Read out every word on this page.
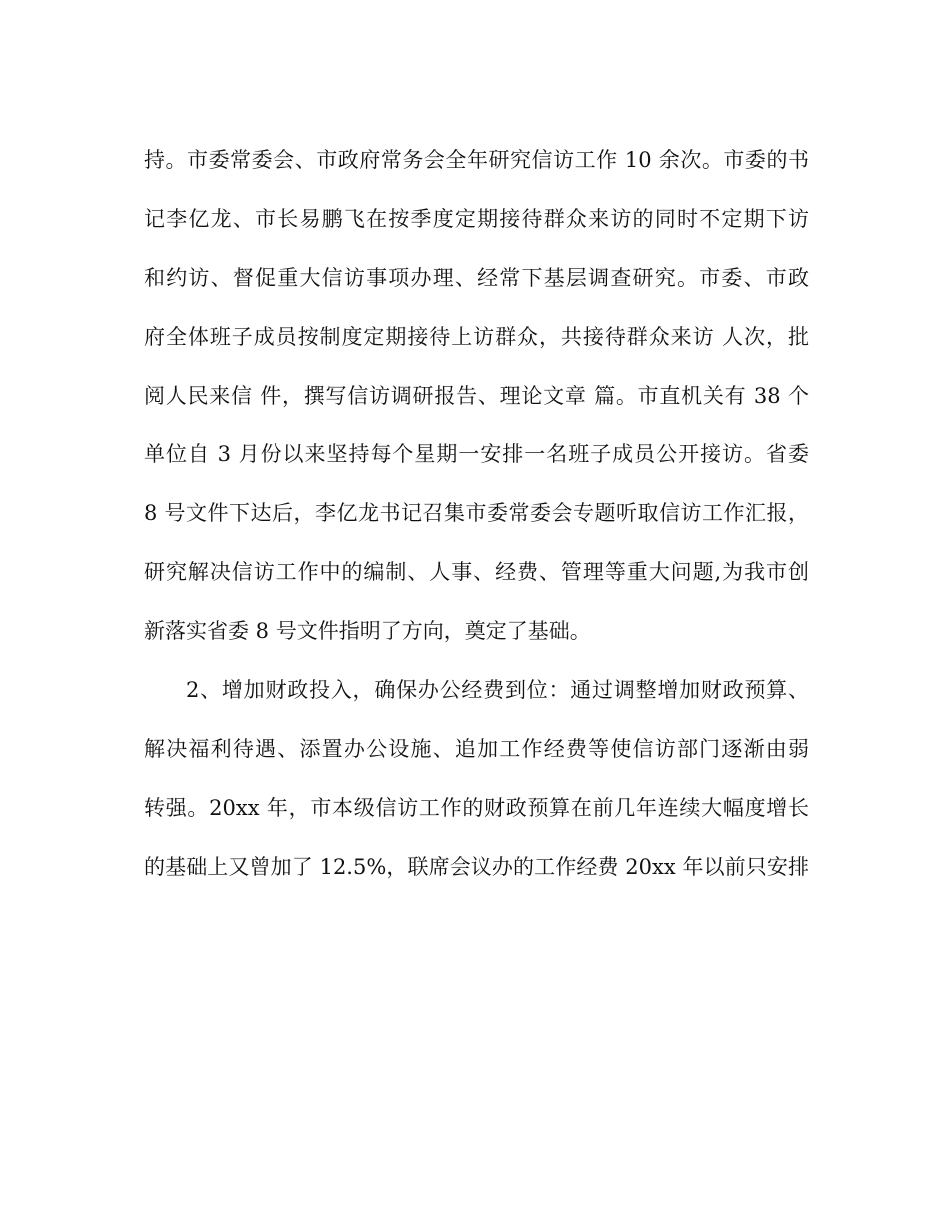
持。市委常委会、市政府常务会全年研究信访工作 10 余次。市委的书
记李亿龙、市长易鹏飞在按季度定期接待群众来访的同时不定期下访
和约访、督促重大信访事项办理、经常下基层调查研究。市委、市政
府全体班子成员按制度定期接待上访群众，共接待群众来访 人次，批
阅人民来信 件，撰写信访调研报告、理论文章 篇。市直机关有 38 个
单位自 3 月份以来坚持每个星期一安排一名班子成员公开接访。省委
8 号文件下达后，李亿龙书记召集市委常委会专题听取信访工作汇报，
研究解决信访工作中的编制、人事、经费、管理等重大问题,为我市创
新落实省委 8 号文件指明了方向，奠定了基础。
2、增加财政投入，确保办公经费到位：通过调整增加财政预算、
解决福利待遇、添置办公设施、追加工作经费等使信访部门逐渐由弱
转强。20xx 年，市本级信访工作的财政预算在前几年连续大幅度增长
的基础上又曾加了 12.5%，联席会议办的工作经费 20xx 年以前只安排
